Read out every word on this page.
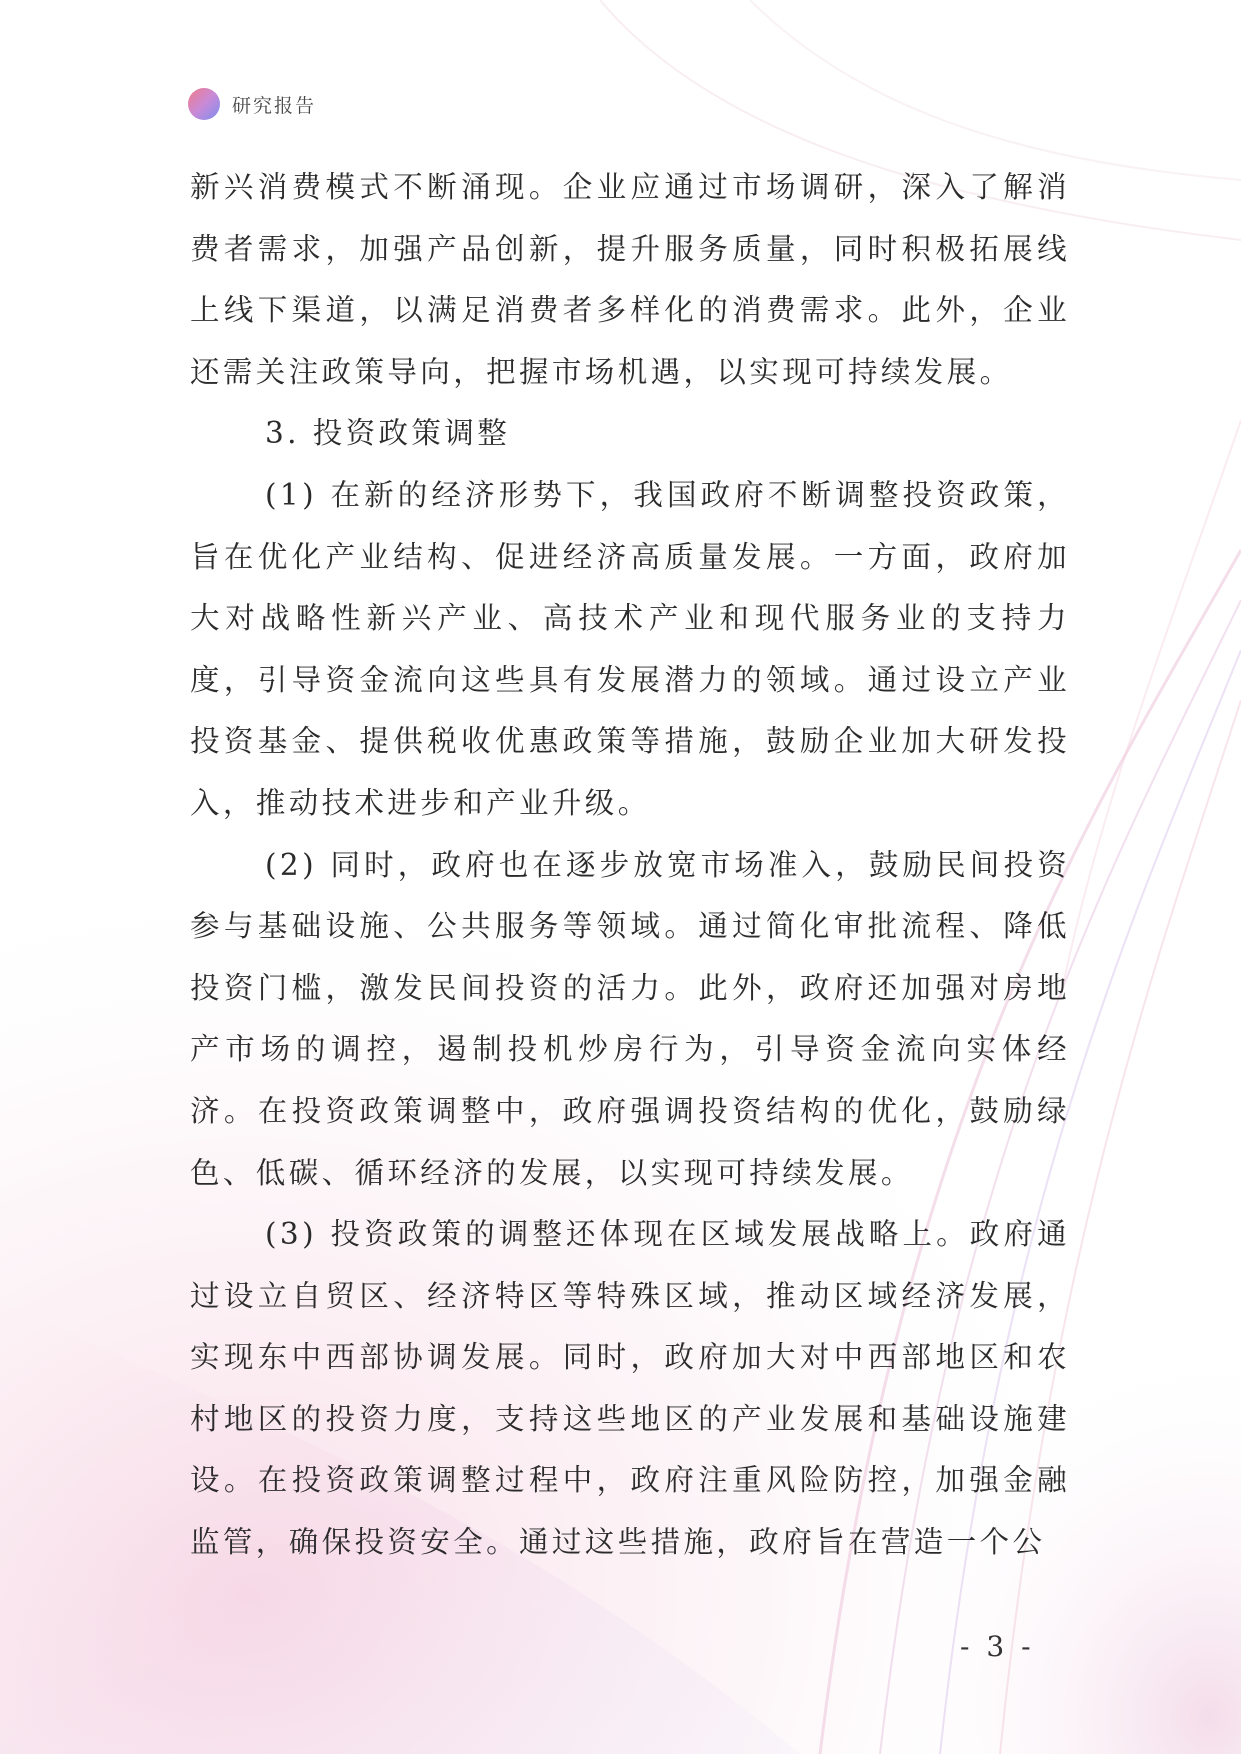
研究报告

新兴消费模式不断涌现。企业应通过市场调研，深入了解消费者需求，加强产品创新，提升服务质量，同时积极拓展线上线下渠道，以满足消费者多样化的消费需求。此外，企业还需关注政策导向，把握市场机遇，以实现可持续发展。

3. 投资政策调整

(1) 在新的经济形势下，我国政府不断调整投资政策，旨在优化产业结构、促进经济高质量发展。一方面，政府加大对战略性新兴产业、高技术产业和现代服务业的支持力度，引导资金流向这些具有发展潜力的领域。通过设立产业投资基金、提供税收优惠政策等措施，鼓励企业加大研发投入，推动技术进步和产业升级。

(2) 同时，政府也在逐步放宽市场准入，鼓励民间投资参与基础设施、公共服务等领域。通过简化审批流程、降低投资门槛，激发民间投资的活力。此外，政府还加强对房地产市场的调控，遏制投机炒房行为，引导资金流向实体经济。在投资政策调整中，政府强调投资结构的优化，鼓励绿色、低碳、循环经济的发展，以实现可持续发展。

(3) 投资政策的调整还体现在区域发展战略上。政府通过设立自贸区、经济特区等特殊区域，推动区域经济发展，实现东中西部协调发展。同时，政府加大对中西部地区和农村地区的投资力度，支持这些地区的产业发展和基础设施建设。在投资政策调整过程中，政府注重风险防控，加强金融监管，确保投资安全。通过这些措施，政府旨在营造一个公

- 3 -
